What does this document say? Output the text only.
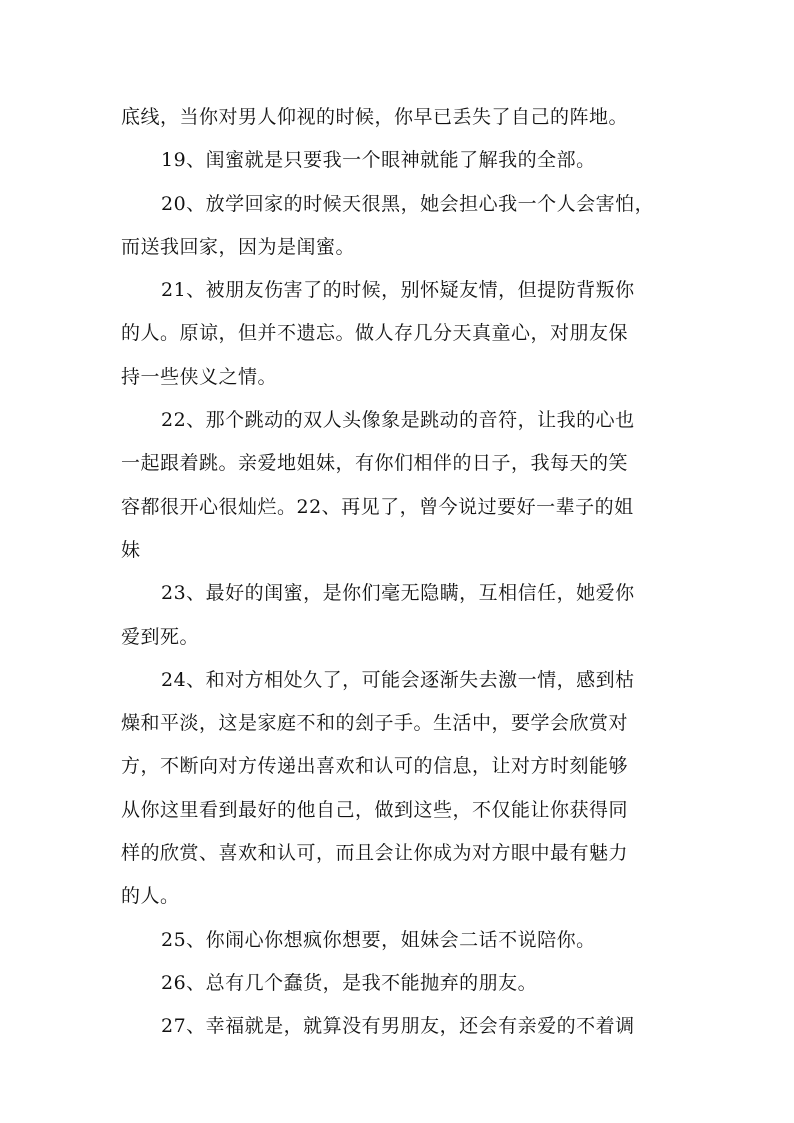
底线，当你对男人仰视的时候，你早已丢失了自己的阵地。
19、闺蜜就是只要我一个眼神就能了解我的全部。
20、放学回家的时候天很黑，她会担心我一个人会害怕，
而送我回家，因为是闺蜜。
21、被朋友伤害了的时候，别怀疑友情，但提防背叛你
的人。原谅，但并不遗忘。做人存几分天真童心，对朋友保
持一些侠义之情。
22、那个跳动的双人头像象是跳动的音符，让我的心也
一起跟着跳。亲爱地姐妹，有你们相伴的日子，我每天的笑
容都很开心很灿烂。22、再见了，曾今说过要好一辈子的姐
妹
23、最好的闺蜜，是你们毫无隐瞒，互相信任，她爱你
爱到死。
24、和对方相处久了，可能会逐渐失去激一情，感到枯
燥和平淡，这是家庭不和的刽子手。生活中，要学会欣赏对
方，不断向对方传递出喜欢和认可的信息，让对方时刻能够
从你这里看到最好的他自己，做到这些，不仅能让你获得同
样的欣赏、喜欢和认可，而且会让你成为对方眼中最有魅力
的人。
25、你闹心你想疯你想要，姐妹会二话不说陪你。
26、总有几个蠢货，是我不能抛弃的朋友。
27、幸福就是，就算没有男朋友，还会有亲爱的不着调
